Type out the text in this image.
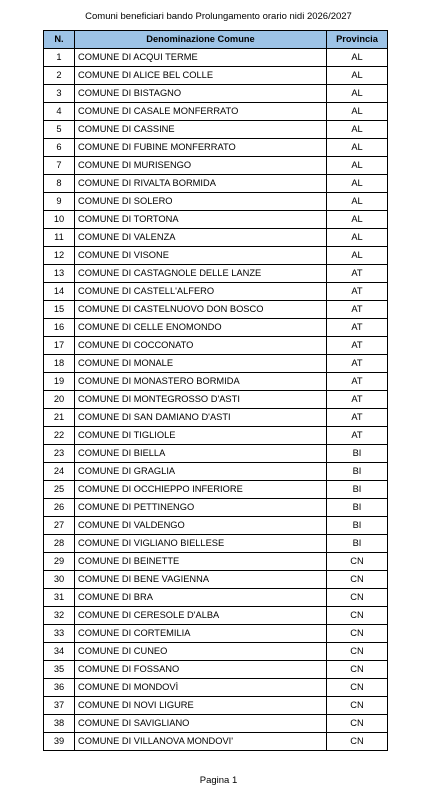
Comuni beneficiari bando Prolungamento orario nidi 2026/2027
N.	Denominazione Comune	Provincia
1	COMUNE DI ACQUI TERME	AL
2	COMUNE DI ALICE BEL COLLE	AL
3	COMUNE DI BISTAGNO	AL
4	COMUNE DI CASALE MONFERRATO	AL
5	COMUNE DI CASSINE	AL
6	COMUNE DI FUBINE MONFERRATO	AL
7	COMUNE DI MURISENGO	AL
8	COMUNE DI RIVALTA BORMIDA	AL
9	COMUNE DI SOLERO	AL
10	COMUNE DI TORTONA	AL
11	COMUNE DI VALENZA	AL
12	COMUNE DI VISONE	AL
13	COMUNE DI CASTAGNOLE DELLE LANZE	AT
14	COMUNE DI CASTELL'ALFERO	AT
15	COMUNE DI CASTELNUOVO DON BOSCO	AT
16	COMUNE DI CELLE ENOMONDO	AT
17	COMUNE DI COCCONATO	AT
18	COMUNE DI MONALE	AT
19	COMUNE DI MONASTERO BORMIDA	AT
20	COMUNE DI MONTEGROSSO D'ASTI	AT
21	COMUNE DI SAN DAMIANO D'ASTI	AT
22	COMUNE DI TIGLIOLE	AT
23	COMUNE DI BIELLA	BI
24	COMUNE DI GRAGLIA	BI
25	COMUNE DI OCCHIEPPO INFERIORE	BI
26	COMUNE DI PETTINENGO	BI
27	COMUNE DI VALDENGO	BI
28	COMUNE DI VIGLIANO BIELLESE	BI
29	COMUNE DI BEINETTE	CN
30	COMUNE DI BENE VAGIENNA	CN
31	COMUNE DI BRA	CN
32	COMUNE DI CERESOLE D'ALBA	CN
33	COMUNE DI CORTEMILIA	CN
34	COMUNE DI CUNEO	CN
35	COMUNE DI FOSSANO	CN
36	COMUNE DI MONDOVÌ	CN
37	COMUNE DI NOVI LIGURE	CN
38	COMUNE DI SAVIGLIANO	CN
39	COMUNE DI VILLANOVA MONDOVI'	CN
Pagina 1
